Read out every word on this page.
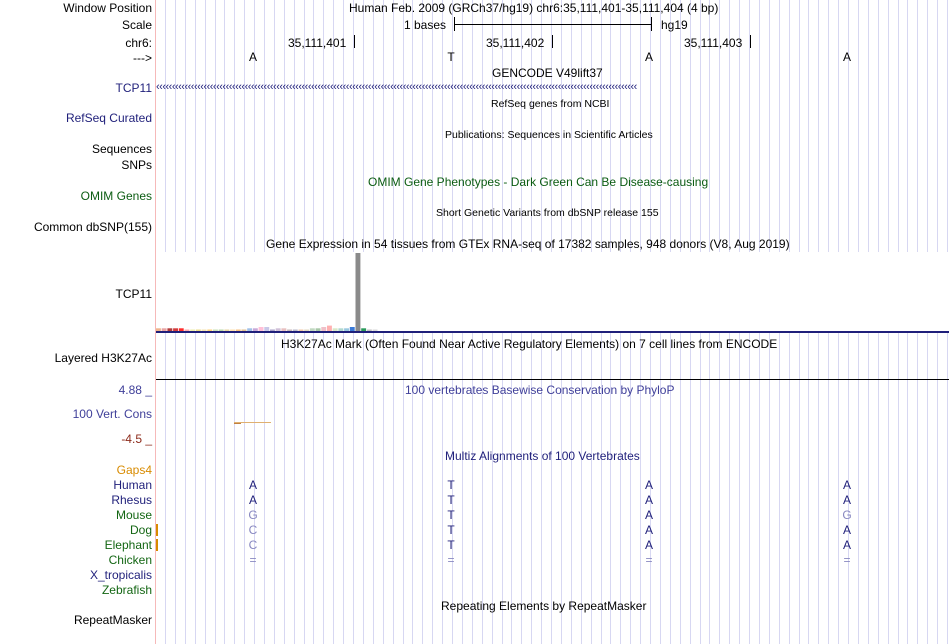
Window Position
Scale
chr6:
--->
Human Feb. 2009 (GRCh37/hg19) chr6:35,111,401-35,111,404 (4 bp)
1 bases	hg19
35,111,401	35,111,402	35,111,403
A	T	A	A
GENCODE V49lift37
TCP11 ‹‹‹‹‹‹‹‹‹‹‹‹‹‹‹‹‹‹‹‹‹‹‹‹‹‹‹‹‹‹‹‹‹‹‹‹‹‹‹‹‹‹‹‹‹‹‹‹‹‹‹‹‹‹‹‹‹‹‹‹‹‹‹‹‹‹‹‹‹‹‹‹‹‹‹‹‹‹‹‹‹‹‹‹‹‹‹‹‹‹‹‹‹‹‹‹‹‹‹‹‹‹‹‹‹‹‹‹‹‹‹‹‹‹‹‹‹‹‹‹‹‹‹‹‹‹‹‹‹‹‹‹‹‹‹‹‹‹‹‹‹‹‹‹‹‹‹‹‹‹‹‹
RefSeq genes from NCBI
RefSeq Curated
Publications: Sequences in Scientific Articles
Sequences
SNPs
OMIM Gene Phenotypes - Dark Green Can Be Disease-causing
OMIM Genes
Short Genetic Variants from dbSNP release 155
Common dbSNP(155)
Gene Expression in 54 tissues from GTEx RNA-seq of 17382 samples, 948 donors (V8, Aug 2019)
TCP11
H3K27Ac Mark (Often Found Near Active Regulatory Elements) on 7 cell lines from ENCODE
Layered H3K27Ac
100 vertebrates Basewise Conservation by PhyloP
4.88 _
100 Vert. Cons
-4.5 _
Multiz Alignments of 100 Vertebrates
Gaps4
Human	A	T	A	A
Rhesus	A	T	A	A
Mouse	G	T	A	G
Dog	C	T	A	A
Elephant	C	T	A	A
Chicken	=	=	=	=
X_tropicalis
Zebrafish
Repeating Elements by RepeatMasker
RepeatMasker
